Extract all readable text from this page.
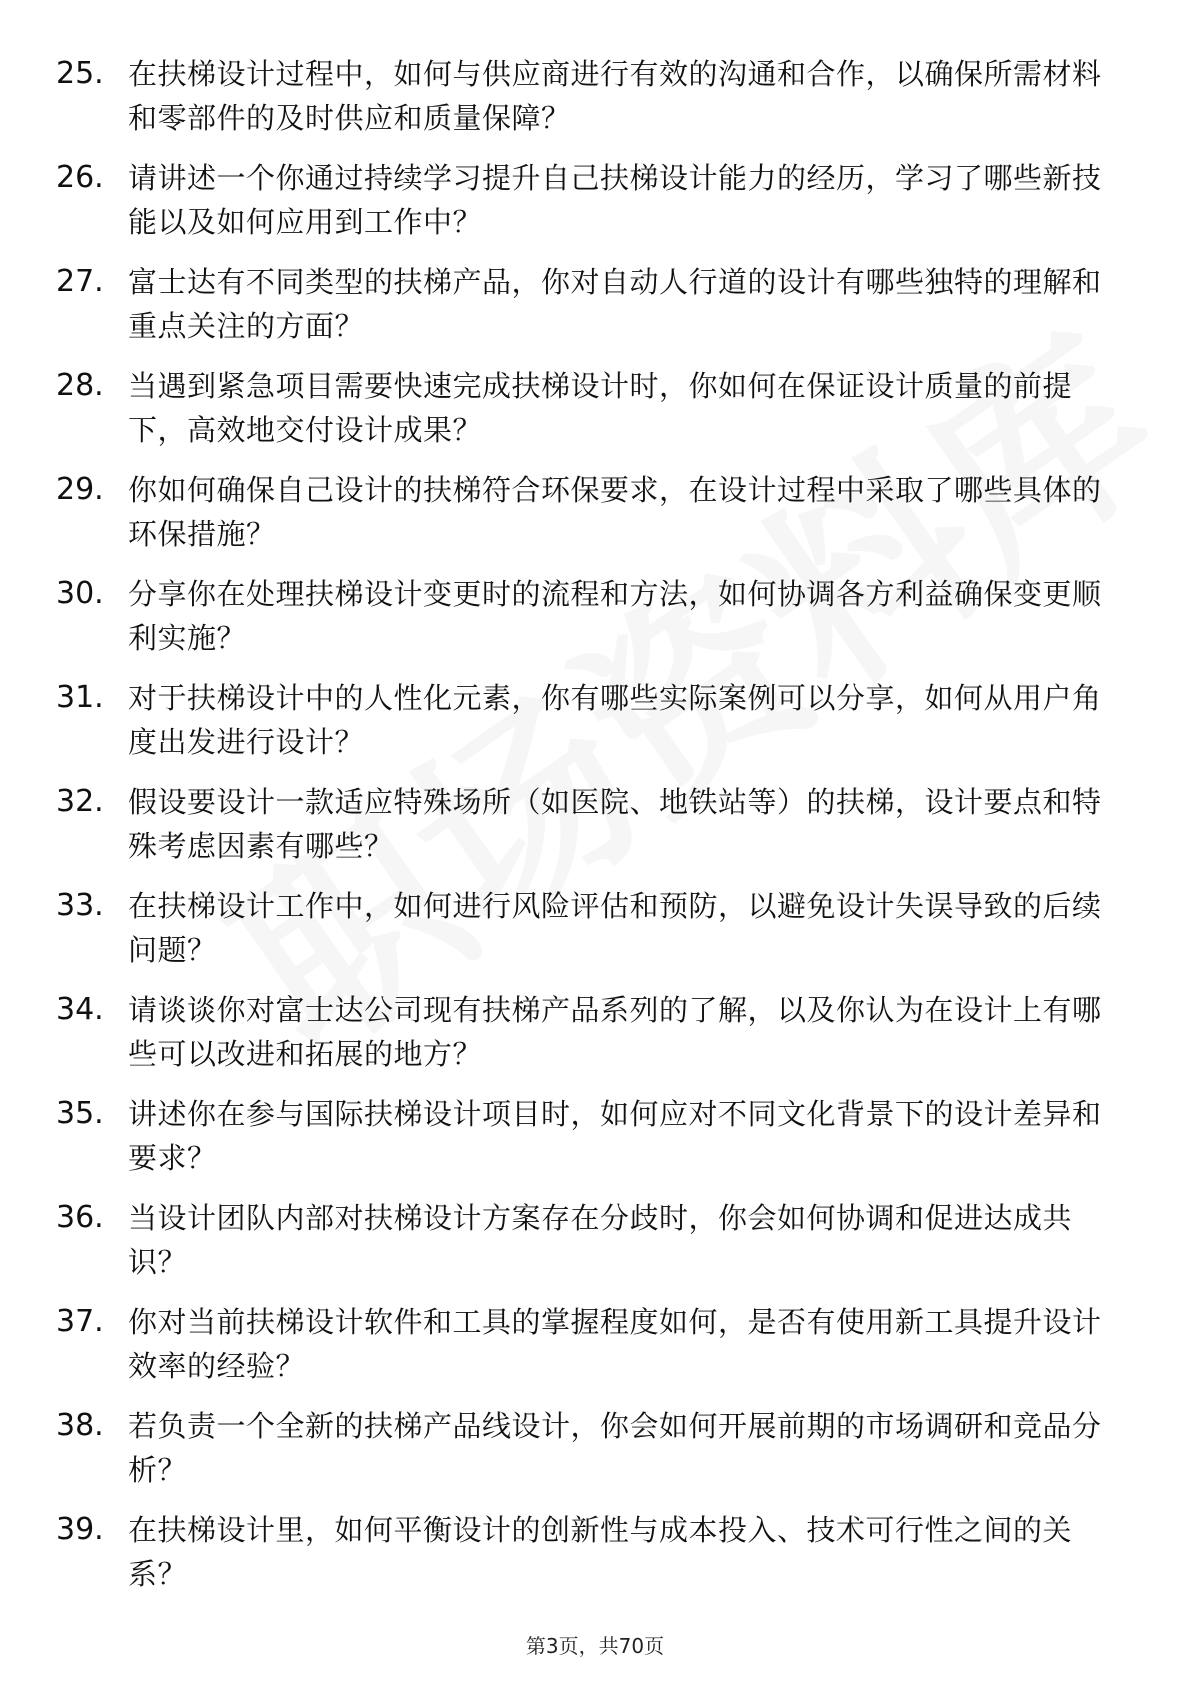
25. 在扶梯设计过程中，如何与供应商进行有效的沟通和合作，以确保所需材料和零部件的及时供应和质量保障？
26. 请讲述一个你通过持续学习提升自己扶梯设计能力的经历，学习了哪些新技能以及如何应用到工作中？
27. 富士达有不同类型的扶梯产品，你对自动人行道的设计有哪些独特的理解和重点关注的方面？
28. 当遇到紧急项目需要快速完成扶梯设计时，你如何在保证设计质量的前提下，高效地交付设计成果？
29. 你如何确保自己设计的扶梯符合环保要求，在设计过程中采取了哪些具体的环保措施？
30. 分享你在处理扶梯设计变更时的流程和方法，如何协调各方利益确保变更顺利实施？
31. 对于扶梯设计中的人性化元素，你有哪些实际案例可以分享，如何从用户角度出发进行设计？
32. 假设要设计一款适应特殊场所（如医院、地铁站等）的扶梯，设计要点和特殊考虑因素有哪些？
33. 在扶梯设计工作中，如何进行风险评估和预防，以避免设计失误导致的后续问题？
34. 请谈谈你对富士达公司现有扶梯产品系列的了解，以及你认为在设计上有哪些可以改进和拓展的地方？
35. 讲述你在参与国际扶梯设计项目时，如何应对不同文化背景下的设计差异和要求？
36. 当设计团队内部对扶梯设计方案存在分歧时，你会如何协调和促进达成共识？
37. 你对当前扶梯设计软件和工具的掌握程度如何，是否有使用新工具提升设计效率的经验？
38. 若负责一个全新的扶梯产品线设计，你会如何开展前期的市场调研和竞品分析？
39. 在扶梯设计里，如何平衡设计的创新性与成本投入、技术可行性之间的关系？
第3页，共70页
